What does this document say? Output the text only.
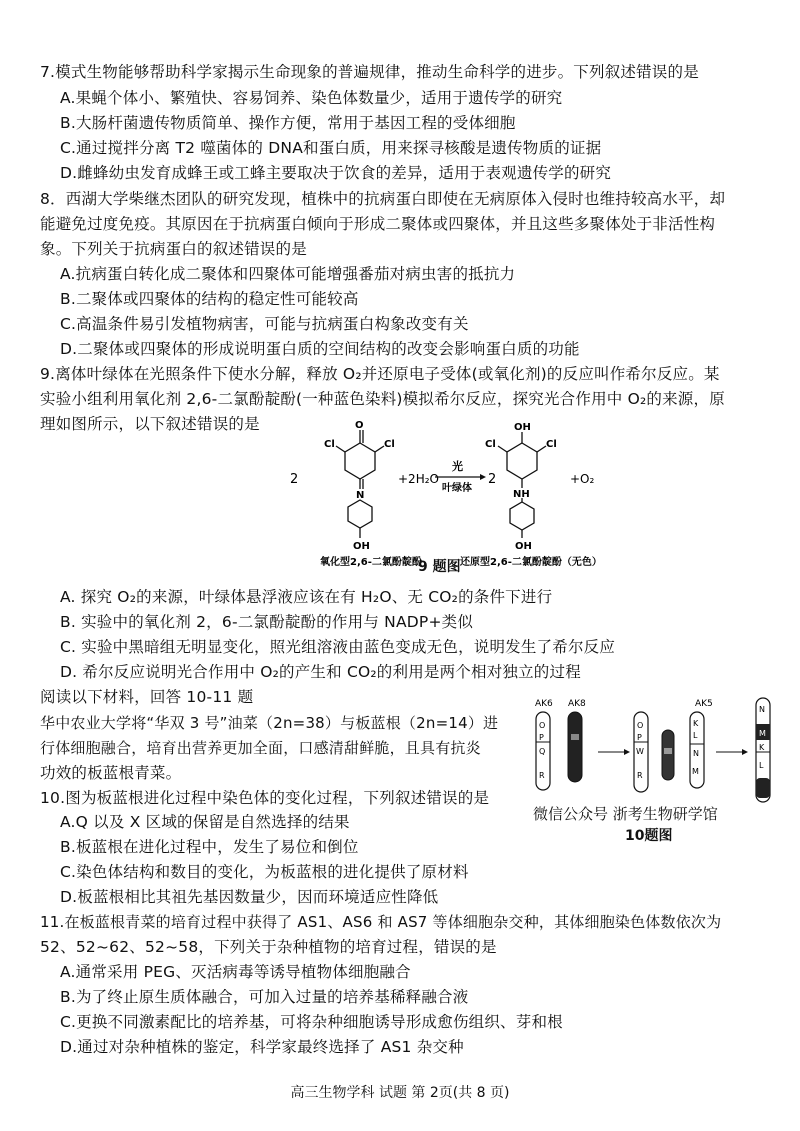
7.模式生物能够帮助科学家揭示生命现象的普遍规律，推动生命科学的进步。下列叙述错误的是
A.果蝇个体小、繁殖快、容易饲养、染色体数量少，适用于遗传学的研究
B.大肠杆菌遗传物质简单、操作方便，常用于基因工程的受体细胞
C.通过搅拌分离 T2 噬菌体的 DNA和蛋白质，用来探寻核酸是遗传物质的证据
D.雌蜂幼虫发育成蜂王或工蜂主要取决于饮食的差异，适用于表观遗传学的研究
8．西湖大学柴继杰团队的研究发现，植株中的抗病蛋白即使在无病原体入侵时也维持较高水平，却
能避免过度免疫。其原因在于抗病蛋白倾向于形成二聚体或四聚体，并且这些多聚体处于非活性构
象。下列关于抗病蛋白的叙述错误的是
A.抗病蛋白转化成二聚体和四聚体可能增强番茄对病虫害的抵抗力
B.二聚体或四聚体的结构的稳定性可能较高
C.高温条件易引发植物病害，可能与抗病蛋白构象改变有关
D.二聚体或四聚体的形成说明蛋白质的空间结构的改变会影响蛋白质的功能
9.离体叶绿体在光照条件下使水分解，释放 O₂并还原电子受体(或氧化剂)的反应叫作希尔反应。某
实验小组利用氧化剂 2,6-二氯酚靛酚(一种蓝色染料)模拟希尔反应，探究光合作用中 O₂的来源，原
理如图所示，以下叙述错误的是
2
O
Cl	Cl
N
OH
+2H₂O
光
叶绿体
2
OH
Cl	Cl
NH
OH
+O₂
氧化型2,6-二氯酚靛酚	还原型2,6-二氯酚靛酚（无色）
9 题图
A. 探究 O₂的来源，叶绿体悬浮液应该在有 H₂O、无 CO₂的条件下进行
B. 实验中的氧化剂 2，6-二氯酚靛酚的作用与 NADP+类似
C. 实验中黑暗组无明显变化，照光组溶液由蓝色变成无色，说明发生了希尔反应
D. 希尔反应说明光合作用中 O₂的产生和 CO₂的利用是两个相对独立的过程
阅读以下材料，回答 10-11 题
华中农业大学将“华双 3 号”油菜（2n=38）与板蓝根（2n=14）进
行体细胞融合，培育出营养更加全面，口感清甜鲜脆，且具有抗炎
功效的板蓝根青菜。
AK6 AK8	AK5
O
P
Q
R
O
P
W
R
K
L
N
M
N
M
K
L
微信公众号 浙考生物研学馆
10题图
10.图为板蓝根进化过程中染色体的变化过程，下列叙述错误的是
A.Q 以及 X 区域的保留是自然选择的结果
B.板蓝根在进化过程中，发生了易位和倒位
C.染色体结构和数目的变化，为板蓝根的进化提供了原材料
D.板蓝根相比其祖先基因数量少，因而环境适应性降低
11.在板蓝根青菜的培育过程中获得了 AS1、AS6 和 AS7 等体细胞杂交种，其体细胞染色体数依次为
52、52~62、52~58，下列关于杂种植物的培育过程，错误的是
A.通常采用 PEG、灭活病毒等诱导植物体细胞融合
B.为了终止原生质体融合，可加入过量的培养基稀释融合液
C.更换不同激素配比的培养基，可将杂种细胞诱导形成愈伤组织、芽和根
D.通过对杂种植株的鉴定，科学家最终选择了 AS1 杂交种
高三生物学科 试题 第 2页(共 8 页)
